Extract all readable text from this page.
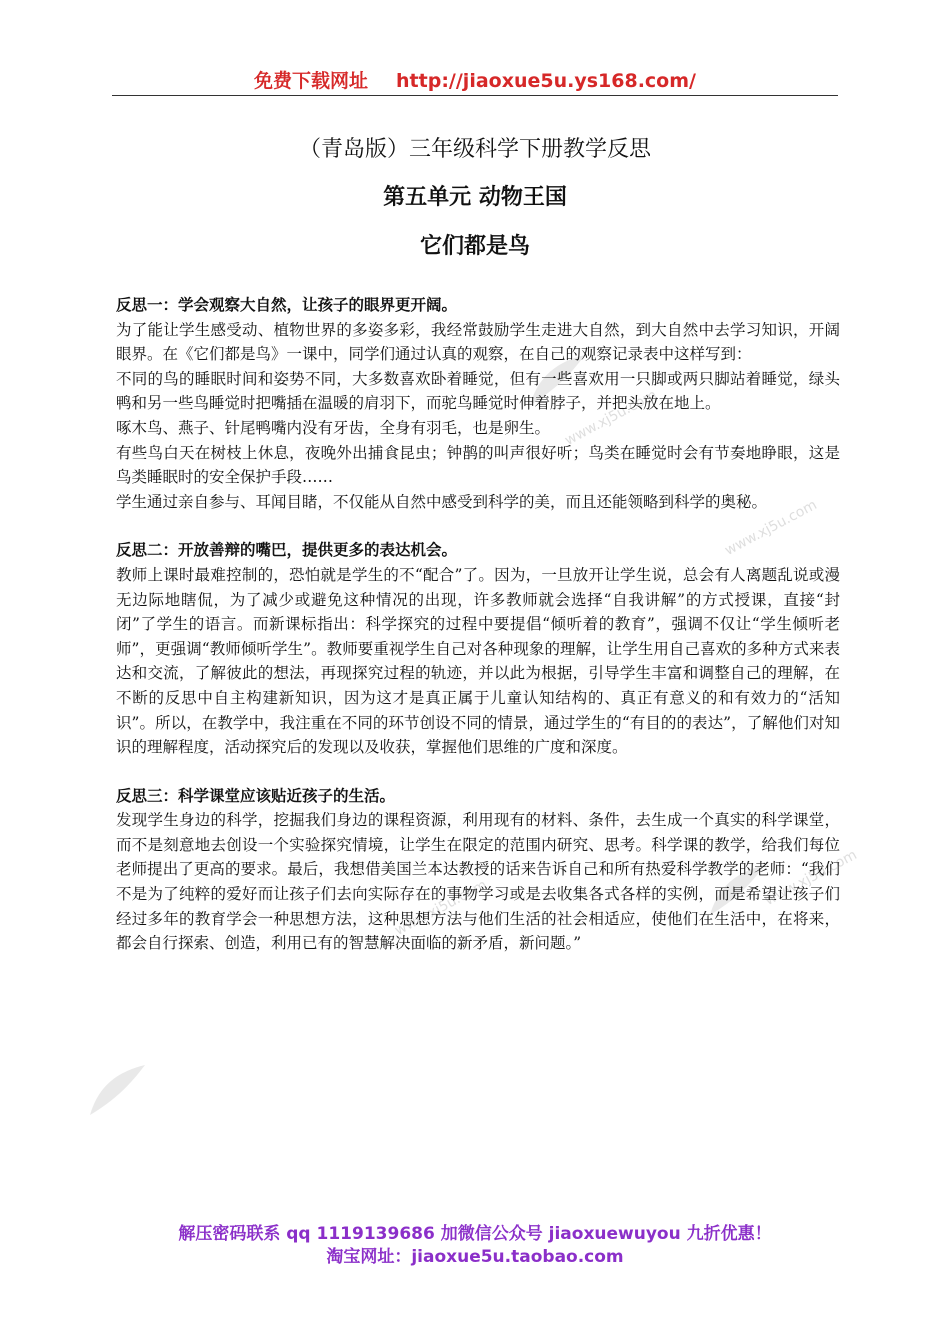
www.xj5u.com
www.xj5u.com
www.xj5u.com	www.xj5u.com
免费下载网址 http://jiaoxue5u.ys168.com/
（青岛版）三年级科学下册教学反思
第五单元 动物王国
它们都是鸟

反思一：学会观察大自然，让孩子的眼界更开阔。

为了能让学生感受动、植物世界的多姿多彩，我经常鼓励学生走进大自然，到大自然中去学习知识，开阔眼界。在《它们都是鸟》一课中，同学们通过认真的观察，在自己的观察记录表中这样写到：

不同的鸟的睡眠时间和姿势不同，大多数喜欢卧着睡觉，但有一些喜欢用一只脚或两只脚站着睡觉，绿头鸭和另一些鸟睡觉时把嘴插在温暖的肩羽下，而驼鸟睡觉时伸着脖子，并把头放在地上。

啄木鸟、燕子、针尾鸭嘴内没有牙齿，全身有羽毛，也是卵生。

有些鸟白天在树枝上休息，夜晚外出捕食昆虫；钟鹊的叫声很好听；鸟类在睡觉时会有节奏地睁眼，这是鸟类睡眠时的安全保护手段……

学生通过亲自参与、耳闻目睹，不仅能从自然中感受到科学的美，而且还能领略到科学的奥秘。

反思二：开放善辩的嘴巴，提供更多的表达机会。

教师上课时最难控制的，恐怕就是学生的不“配合”了。因为，一旦放开让学生说，总会有人离题乱说或漫无边际地瞎侃，为了减少或避免这种情况的出现，许多教师就会选择“自我讲解”的方式授课，直接“封闭”了学生的语言。而新课标指出：科学探究的过程中要提倡“倾听着的教育”，强调不仅让“学生倾听老师”，更强调“教师倾听学生”。教师要重视学生自己对各种现象的理解，让学生用自己喜欢的多种方式来表达和交流，了解彼此的想法，再现探究过程的轨迹，并以此为根据，引导学生丰富和调整自己的理解，在不断的反思中自主构建新知识，因为这才是真正属于儿童认知结构的、真正有意义的和有效力的“活知识”。所以，在教学中，我注重在不同的环节创设不同的情景，通过学生的“有目的的表达”，了解他们对知识的理解程度，活动探究后的发现以及收获，掌握他们思维的广度和深度。

反思三：科学课堂应该贴近孩子的生活。

发现学生身边的科学，挖掘我们身边的课程资源，利用现有的材料、条件，去生成一个真实的科学课堂，而不是刻意地去创设一个实验探究情境，让学生在限定的范围内研究、思考。科学课的教学，给我们每位老师提出了更高的要求。最后，我想借美国兰本达教授的话来告诉自己和所有热爱科学教学的老师：“我们不是为了纯粹的爱好而让孩子们去向实际存在的事物学习或是去收集各式各样的实例，而是希望让孩子们经过多年的教育学会一种思想方法，这种思想方法与他们生活的社会相适应，使他们在生活中，在将来，都会自行探索、创造，利用已有的智慧解决面临的新矛盾，新问题。”

解压密码联系 qq 1119139686 加微信公众号 jiaoxuewuyou 九折优惠！
淘宝网址：jiaoxue5u.taobao.com
